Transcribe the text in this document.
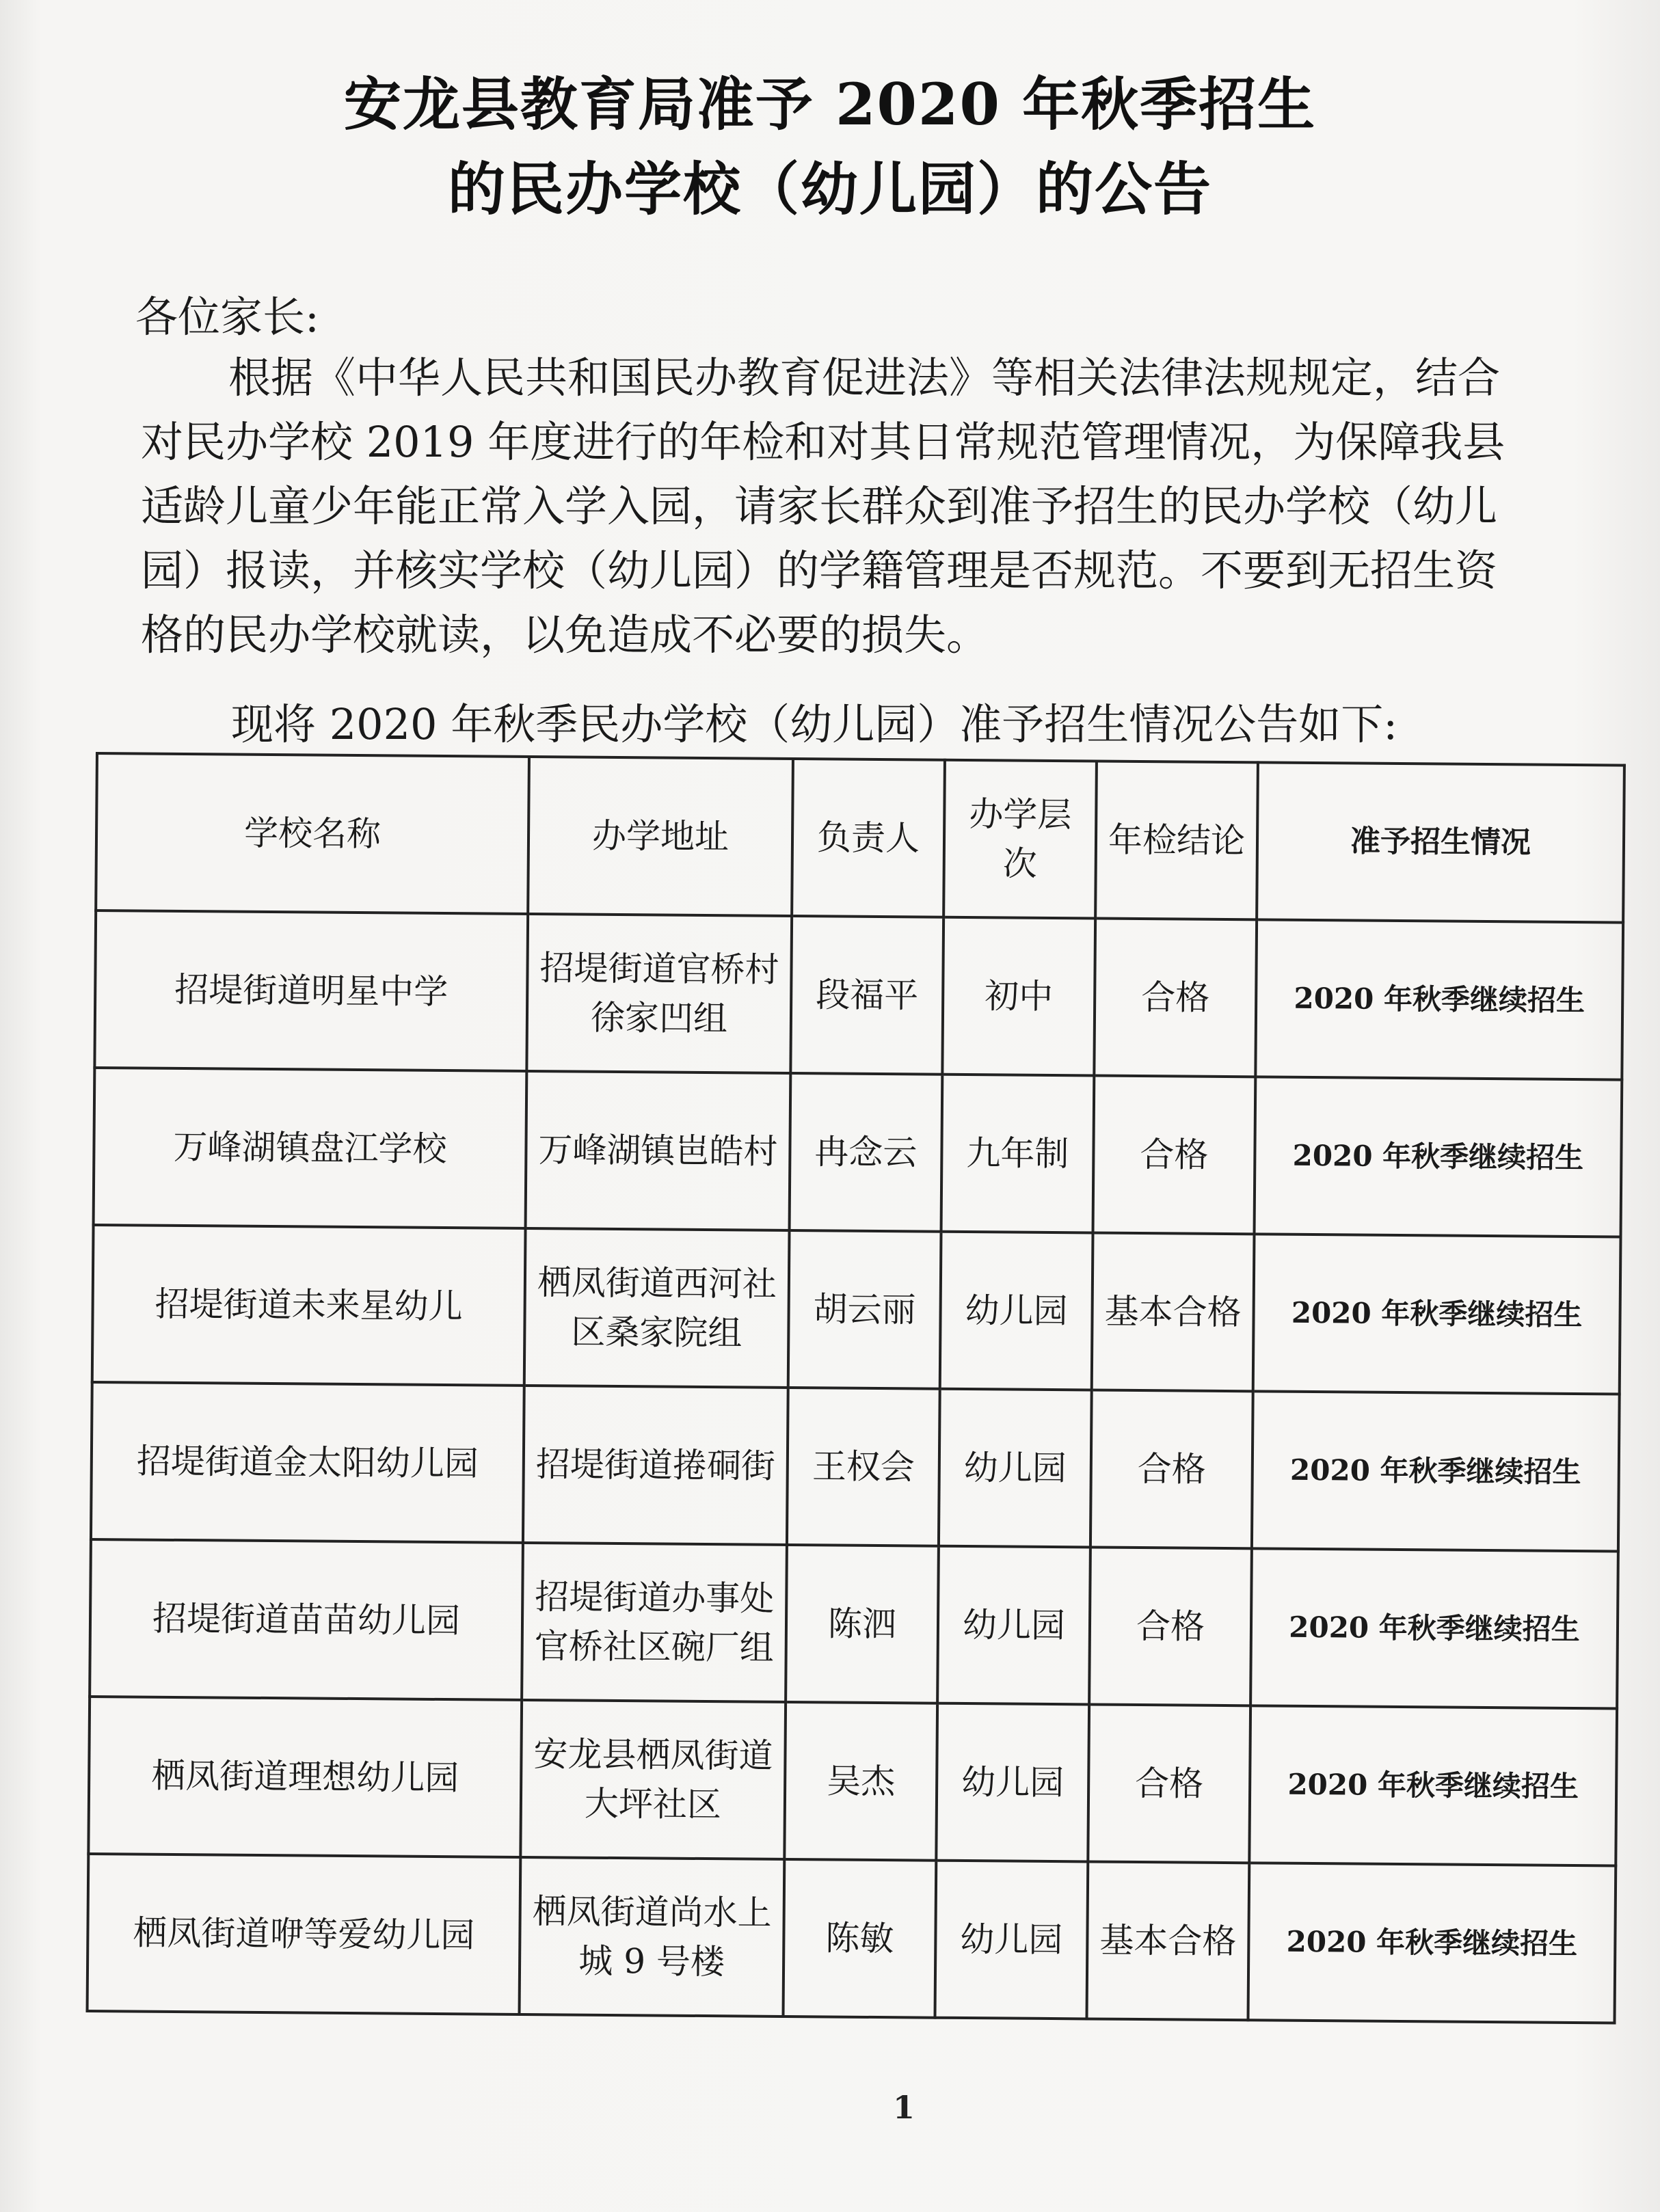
安龙县教育局准予 2020 年秋季招生
的民办学校（幼儿园）的公告
各位家长:
根据《中华人民共和国民办教育促进法》等相关法律法规规定，结合
对民办学校 2019 年度进行的年检和对其日常规范管理情况，为保障我县
适龄儿童少年能正常入学入园，请家长群众到准予招生的民办学校（幼儿
园）报读，并核实学校（幼儿园）的学籍管理是否规范。不要到无招生资
格的民办学校就读，以免造成不必要的损失。
现将 2020 年秋季民办学校（幼儿园）准予招生情况公告如下:
学校名称	办学地址	负责人	办学层次	年检结论	准予招生情况
招堤街道明星中学	招堤街道官桥村徐家凹组	段福平	初中	合格	2020 年秋季继续招生
万峰湖镇盘江学校	万峰湖镇岜皓村	冉念云	九年制	合格	2020 年秋季继续招生
招堤街道未来星幼儿	栖凤街道西河社区桑家院组	胡云丽	幼儿园	基本合格	2020 年秋季继续招生
招堤街道金太阳幼儿园	招堤街道捲硐街	王权会	幼儿园	合格	2020 年秋季继续招生
招堤街道苗苗幼儿园	招堤街道办事处官桥社区碗厂组	陈泗	幼儿园	合格	2020 年秋季继续招生
栖凤街道理想幼儿园	安龙县栖凤街道大坪社区	吴杰	幼儿园	合格	2020 年秋季继续招生
栖凤街道咿等爱幼儿园	栖凤街道尚水上城 9 号楼	陈敏	幼儿园	基本合格	2020 年秋季继续招生
1
